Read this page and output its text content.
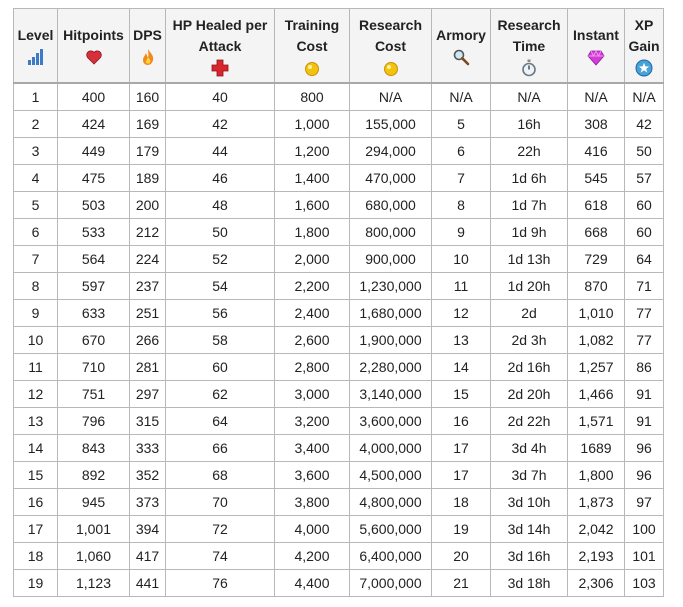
Level	Hitpoints	DPS	HP Healed per Attack	Training Cost	Research Cost	Armory	Research Time	Instant	XP Gain

1	400	160	40	800	N/A	N/A	N/A	N/A	N/A
2	424	169	42	1,000	155,000	5	16h	308	42
3	449	179	44	1,200	294,000	6	22h	416	50
4	475	189	46	1,400	470,000	7	1d 6h	545	57
5	503	200	48	1,600	680,000	8	1d 7h	618	60
6	533	212	50	1,800	800,000	9	1d 9h	668	60
7	564	224	52	2,000	900,000	10	1d 13h	729	64
8	597	237	54	2,200	1,230,000	11	1d 20h	870	71
9	633	251	56	2,400	1,680,000	12	2d	1,010	77
10	670	266	58	2,600	1,900,000	13	2d 3h	1,082	77
11	710	281	60	2,800	2,280,000	14	2d 16h	1,257	86
12	751	297	62	3,000	3,140,000	15	2d 20h	1,466	91
13	796	315	64	3,200	3,600,000	16	2d 22h	1,571	91
14	843	333	66	3,400	4,000,000	17	3d 4h	1689	96
15	892	352	68	3,600	4,500,000	17	3d 7h	1,800	96
16	945	373	70	3,800	4,800,000	18	3d 10h	1,873	97
17	1,001	394	72	4,000	5,600,000	19	3d 14h	2,042	100
18	1,060	417	74	4,200	6,400,000	20	3d 16h	2,193	101
19	1,123	441	76	4,400	7,000,000	21	3d 18h	2,306	103
